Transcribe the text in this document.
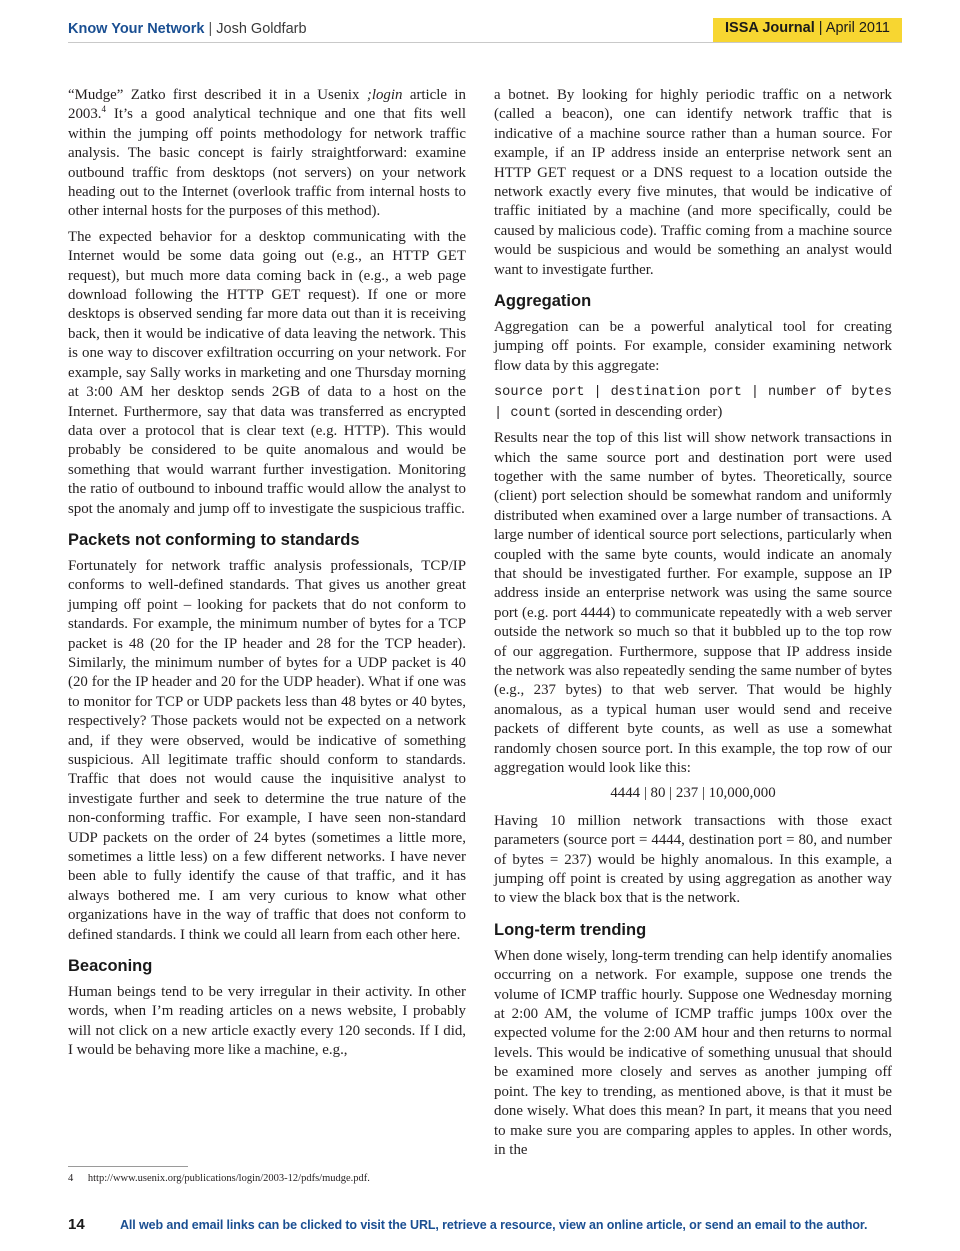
Know Your Network | Josh Goldfarb	ISSA Journal | April 2011

“Mudge” Zatko first described it in a Usenix ;login article in 2003.$^4$ It’s a good analytical technique and one that fits well within the jumping off points methodology for network traffic analysis. The basic concept is fairly straightforward: examine outbound traffic from desktops (not servers) on your network heading out to the Internet (overlook traffic from internal hosts to other internal hosts for the purposes of this method).

The expected behavior for a desktop communicating with the Internet would be some data going out (e.g., an HTTP GET request), but much more data coming back in (e.g., a web page download following the HTTP GET request). If one or more desktops is observed sending far more data out than it is receiving back, then it would be indicative of data leaving the network. This is one way to discover exfiltration occurring on your network. For example, say Sally works in marketing and one Thursday morning at 3:00 AM her desktop sends 2GB of data to a host on the Internet. Furthermore, say that data was transferred as encrypted data over a protocol that is clear text (e.g. HTTP). This would probably be considered to be quite anomalous and would be something that would warrant further investigation. Monitoring the ratio of outbound to inbound traffic would allow the analyst to spot the anomaly and jump off to investigate the suspicious traffic.

Packets not conforming to standards

Fortunately for network traffic analysis professionals, TCP/IP conforms to well-defined standards. That gives us another great jumping off point – looking for packets that do not conform to standards. For example, the minimum number of bytes for a TCP packet is 48 (20 for the IP header and 28 for the TCP header). Similarly, the minimum number of bytes for a UDP packet is 40 (20 for the IP header and 20 for the UDP header). What if one was to monitor for TCP or UDP packets less than 48 bytes or 40 bytes, respectively? Those packets would not be expected on a network and, if they were observed, would be indicative of something suspicious. All legitimate traffic should conform to standards. Traffic that does not would cause the inquisitive analyst to investigate further and seek to determine the true nature of the non-conforming traffic. For example, I have seen non-standard UDP packets on the order of 24 bytes (sometimes a little more, sometimes a little less) on a few different networks. I have never been able to fully identify the cause of that traffic, and it has always bothered me. I am very curious to know what other organizations have in the way of traffic that does not conform to defined standards. I think we could all learn from each other here.

Beaconing

Human beings tend to be very irregular in their activity. In other words, when I’m reading articles on a news website, I probably will not click on a new article exactly every 120 seconds. If I did, I would be behaving more like a machine, e.g.,

a botnet. By looking for highly periodic traffic on a network (called a beacon), one can identify network traffic that is indicative of a machine source rather than a human source. For example, if an IP address inside an enterprise network sent an HTTP GET request or a DNS request to a location outside the network exactly every five minutes, that would be indicative of traffic initiated by a machine (and more specifically, could be caused by malicious code). Traffic coming from a machine source would be suspicious and would be something an analyst would want to investigate further.

Aggregation

Aggregation can be a powerful analytical tool for creating jumping off points. For example, consider examining network flow data by this aggregate:

source port | destination port | number of bytes | count (sorted in descending order)

Results near the top of this list will show network transactions in which the same source port and destination port were used together with the same number of bytes. Theoretically, source (client) port selection should be somewhat random and uniformly distributed when examined over a large number of transactions. A large number of identical source port selections, particularly when coupled with the same byte counts, would indicate an anomaly that should be investigated further. For example, suppose an IP address inside an enterprise network was using the same source port (e.g. port 4444) to communicate repeatedly with a web server outside the network so much so that it bubbled up to the top row of our aggregation. Furthermore, suppose that IP address inside the network was also repeatedly sending the same number of bytes (e.g., 237 bytes) to that web server. That would be highly anomalous, as a typical human user would send and receive packets of different byte counts, as well as use a somewhat randomly chosen source port. In this example, the top row of our aggregation would look like this:

4444 | 80 | 237 | 10,000,000

Having 10 million network transactions with those exact parameters (source port = 4444, destination port = 80, and number of bytes = 237) would be highly anomalous. In this example, a jumping off point is created by using aggregation as another way to view the black box that is the network.

Long-term trending

When done wisely, long-term trending can help identify anomalies occurring on a network. For example, suppose one trends the volume of ICMP traffic hourly. Suppose one Wednesday morning at 2:00 AM, the volume of ICMP traffic jumps 100x over the expected volume for the 2:00 AM hour and then returns to normal levels. This would be indicative of something unusual that should be examined more closely and serves as another jumping off point. The key to trending, as mentioned above, is that it must be done wisely. What does this mean? In part, it means that you need to make sure you are comparing apples to apples. In other words, in the

4 http://www.usenix.org/publications/login/2003-12/pdfs/mudge.pdf.
14	All web and email links can be clicked to visit the URL, retrieve a resource, view an online article, or send an email to the author.
